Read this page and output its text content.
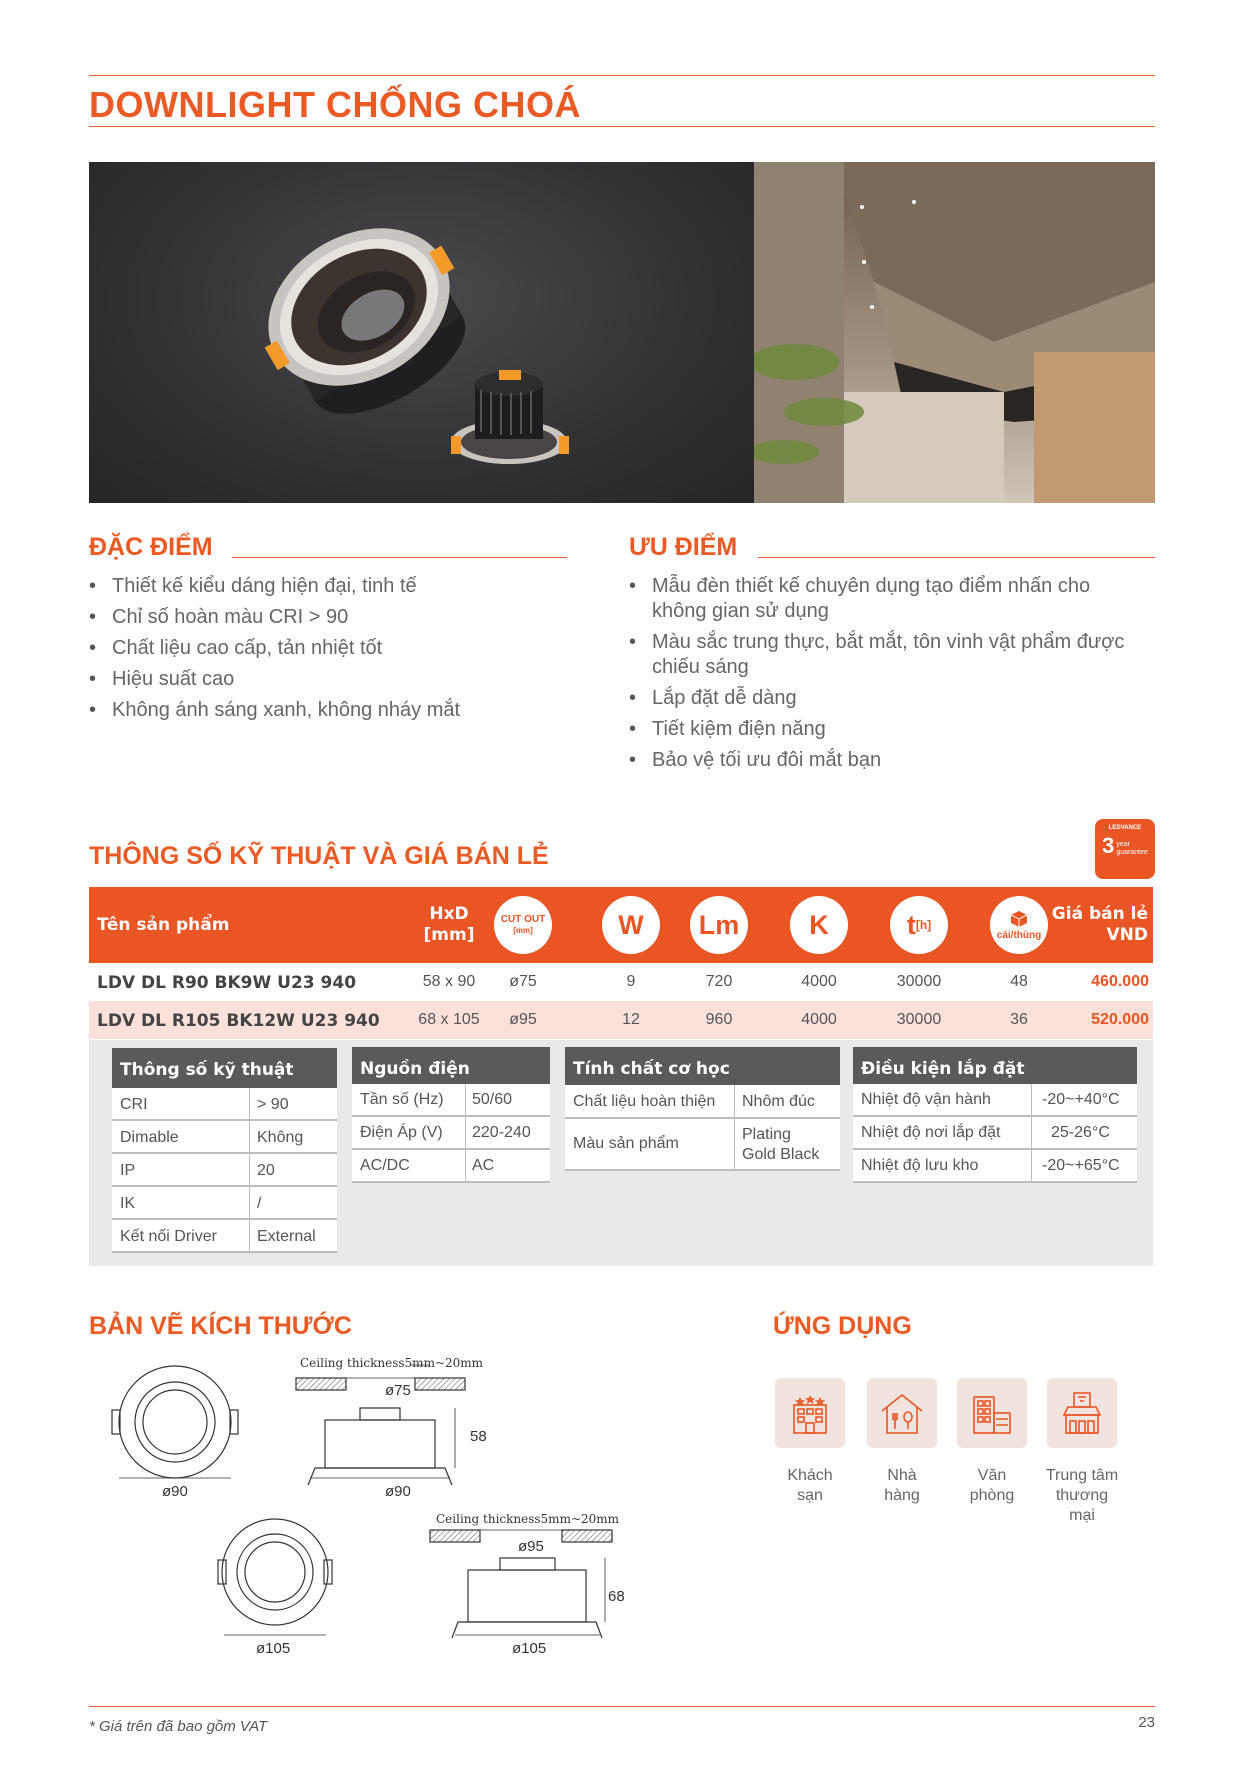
DOWNLIGHT CHỐNG CHOÁ
ĐẶC ĐIỂM
• Thiết kế kiểu dáng hiện đại, tinh tế
• Chỉ số hoàn màu CRI > 90
• Chất liệu cao cấp, tản nhiệt tốt
• Hiệu suất cao
• Không ánh sáng xanh, không nháy mắt
ƯU ĐIỂM
• Mẫu đèn thiết kế chuyên dụng tạo điểm nhấn cho không gian sử dụng
• Màu sắc trung thực, bắt mắt, tôn vinh vật phẩm được chiếu sáng
• Lắp đặt dễ dàng
• Tiết kiệm điện năng
• Bảo vệ tối ưu đôi mắt bạn
THÔNG SỐ KỸ THUẬT VÀ GIÁ BÁN LẺ
LEDVANCE
3 year
guarantee
Tên sản phẩm
HxD
[mm]
CUT OUT
[mm]	W	Lm	K	t [h]
cái/thùng
Giá bán lẻ
VND
LDV DL R90 BK9W U23 940	58 x 90	ø75	9	720	4000	30000	48	460.000
LDV DL R105 BK12W U23 940	68 x 105	ø95	12	960	4000	30000	36	520.000
Thông số kỹ thuật
CRI	> 90
Dimable	Không
IP	20
IK	/
Kết nối Driver	External
Nguồn điện
Tần số (Hz) 50/60
Điện Áp (V) 220-240
AC/DC	AC
Tính chất cơ học
Chất liệu hoàn thiện Nhôm đúc
Màu sản phẩm
Plating
Gold Black
Điều kiện lắp đặt
Nhiệt độ vận hành	-20~+40°C
Nhiệt độ nơi lắp đặt	25-26°C
Nhiệt độ lưu kho	-20~+65°C
BẢN VẼ KÍCH THƯỚC
ø90
Ceiling thickness5mm~20mm
ø75
58
ø90
Ceiling thickness5mm~20mm
ø95
68
ø105	ø105
ỨNG DỤNG
Khách
sạn
Nhà
hàng
Văn
phòng
Trung tâm
thương
mại
* Giá trên đã bao gồm VAT	23
